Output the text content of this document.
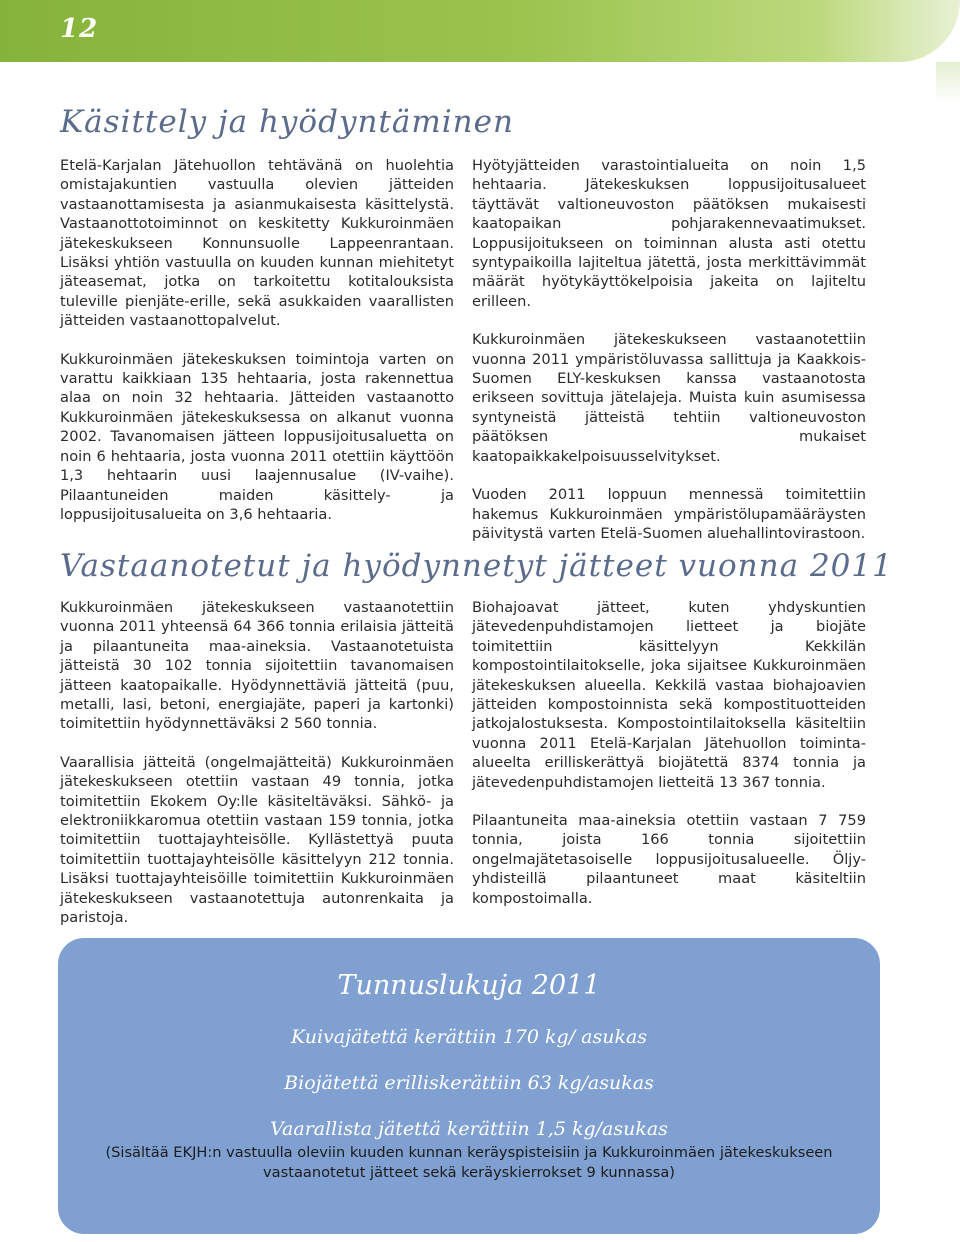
12
Käsittely ja hyödyntäminen

Etelä-Karjalan Jätehuollon tehtävänä on huolehtia omistajakuntien vastuulla olevien jätteiden vastaanottamisesta ja asianmukaisesta käsittelystä. Vastaanottotoiminnot on keskitetty Kukkuroinmäen jätekeskukseen Konnunsuolle Lappeenrantaan. Lisäksi yhtiön vastuulla on kuuden kunnan miehitetyt jäteasemat, jotka on tarkoitettu kotitalouksista tuleville pienjäte-erille, sekä asukkaiden vaarallisten jätteiden vastaanottopalvelut.

Kukkuroinmäen jätekeskuksen toimintoja varten on varattu kaikkiaan 135 hehtaaria, josta rakennettua alaa on noin 32 hehtaaria. Jätteiden vastaanotto Kukkuroinmäen jätekeskuksessa on alkanut vuonna 2002. Tavanomaisen jätteen loppusijoitusaluetta on noin 6 hehtaaria, josta vuonna 2011 otettiin käyttöön 1,3 hehtaarin uusi laajennusalue (IV-vaihe). Pilaantuneiden maiden käsittely- ja loppusijoitusalueita on 3,6 hehtaaria.

Hyötyjätteiden varastointialueita on noin 1,5 hehtaaria. Jätekeskuksen loppusijoitusalueet täyttävät valtioneuvoston päätöksen mukaisesti kaatopaikan pohjarakennevaatimukset. Loppusijoitukseen on toiminnan alusta asti otettu syntypaikoilla lajiteltua jätettä, josta merkittävimmät määrät hyötykäyttökelpoisia jakeita on lajiteltu erilleen.

Kukkuroinmäen jätekeskukseen vastaanotettiin vuonna 2011 ympäristöluvassa sallittuja ja Kaakkois-Suomen ELY-keskuksen kanssa vastaanotosta erikseen sovittuja jätelajeja. Muista kuin asumisessa syntyneistä jätteistä tehtiin valtioneuvoston päätöksen mukaiset kaatopaikkakelpoisuusselvitykset.

Vuoden 2011 loppuun mennessä toimitettiin hakemus Kukkuroinmäen ympäristölupamääräysten päivitystä varten Etelä-Suomen aluehallintovirastoon.

Vastaanotetut ja hyödynnetyt jätteet vuonna 2011

Kukkuroinmäen jätekeskukseen vastaanotettiin vuonna 2011 yhteensä 64 366 tonnia erilaisia jätteitä ja pilaantuneita maa-aineksia. Vastaanotetuista jätteistä 30 102 tonnia sijoitettiin tavanomaisen jätteen kaatopaikalle. Hyödynnettäviä jätteitä (puu, metalli, lasi, betoni, energiajäte, paperi ja kartonki) toimitettiin hyödynnettäväksi 2 560 tonnia.

Vaarallisia jätteitä (ongelmajätteitä) Kukkuroinmäen jätekeskukseen otettiin vastaan 49 tonnia, jotka toimitettiin Ekokem Oy:lle käsiteltäväksi. Sähkö- ja elektroniikkaromua otettiin vastaan 159 tonnia, jotka toimitettiin tuottajayhteisölle. Kyllästettyä puuta toimitettiin tuottajayhteisölle käsittelyyn 212 tonnia. Lisäksi tuottajayhteisöille toimitettiin Kukkuroinmäen jätekeskukseen vastaanotettuja autonrenkaita ja paristoja.

Biohajoavat jätteet, kuten yhdyskuntien jätevedenpuhdistamojen lietteet ja biojäte toimitettiin käsittelyyn Kekkilän kompostointilaitokselle, joka sijaitsee Kukkuroinmäen jätekeskuksen alueella. Kekkilä vastaa biohajoavien jätteiden kompostoinnista sekä kompostituotteiden jatkojalostuksesta. Kompostointilaitoksella käsiteltiin vuonna 2011 Etelä-Karjalan Jätehuollon toiminta-alueelta erilliskerättyä biojätettä 8374 tonnia ja jätevedenpuhdistamojen lietteitä 13 367 tonnia.

Pilaantuneita maa-aineksia otettiin vastaan 7 759 tonnia, joista 166 tonnia sijoitettiin ongelmajätetasoiselle loppusijoitusalueelle. Öljy-yhdisteillä pilaantuneet maat käsiteltiin kompostoimalla.

Tunnuslukuja 2011
Kuivajätettä kerättiin 170 kg/ asukas
Biojätettä erilliskerättiin 63 kg/asukas
Vaarallista jätettä kerättiin 1,5 kg/asukas
(Sisältää EKJH:n vastuulla oleviin kuuden kunnan keräyspisteisiin ja Kukkuroinmäen jätekeskukseen vastaanotetut jätteet sekä keräyskierrokset 9 kunnassa)
